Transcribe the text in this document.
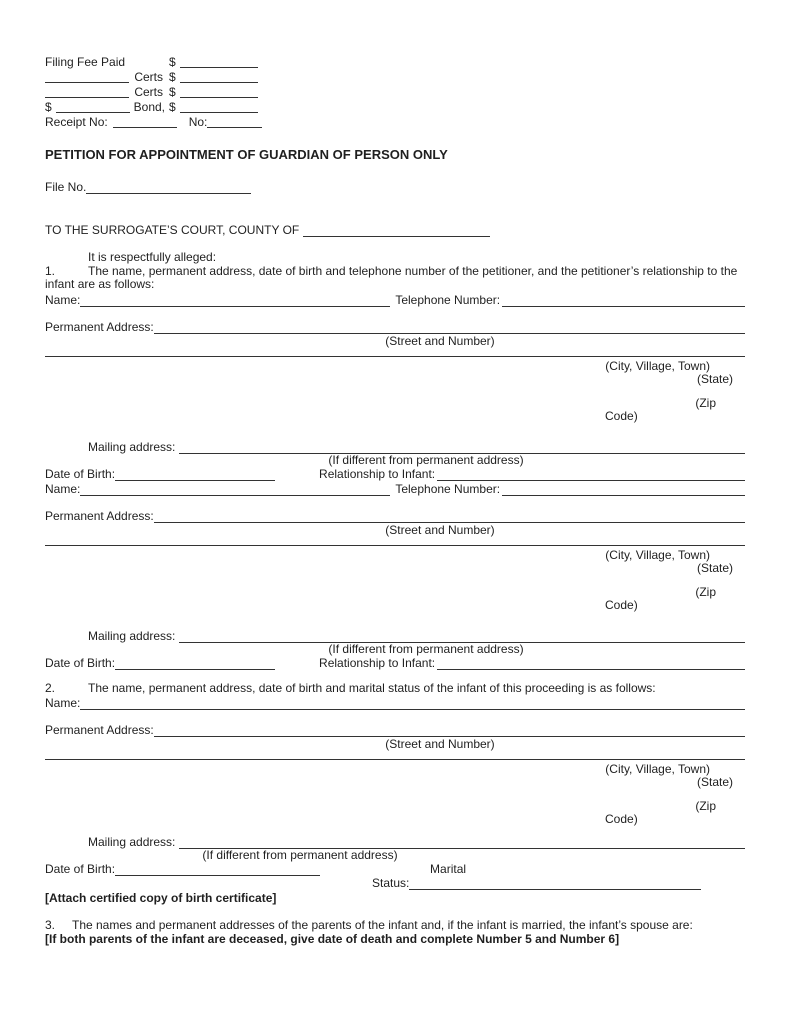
Filing Fee Paid	$
Certs $
Certs $
$	Bond, $
Receipt No:	No:
PETITION FOR APPOINTMENT OF GUARDIAN OF PERSON ONLY
File No.
TO THE SURROGATE’S COURT, COUNTY OF

It is respectfully alleged:

1.	The name, permanent address, date of birth and telephone number of the petitioner, and the petitioner’s relationship to the infant are as follows:

Name:	Telephone Number:
Permanent Address:
(Street and Number)
(City, Village, Town)
(State)
(Zip
Code)
Mailing address:
(If different from permanent address)
Date of Birth:	Relationship to Infant:
Name:	Telephone Number:
Permanent Address:
(Street and Number)
(City, Village, Town)
(State)
(Zip
Code)
Mailing address:
(If different from permanent address)
Date of Birth:	Relationship to Infant:

2.	The name, permanent address, date of birth and marital status of the infant of this proceeding is as follows:

Name:
Permanent Address:
(Street and Number)
(City, Village, Town)
(State)
(Zip
Code)
Mailing address:
(If different from permanent address)
Date of Birth:	Marital
Status:

[Attach certified copy of birth certificate]

3. The names and permanent addresses of the parents of the infant and, if the infant is married, the infant’s spouse are:

[If both parents of the infant are deceased, give date of death and complete Number 5 and Number 6]
